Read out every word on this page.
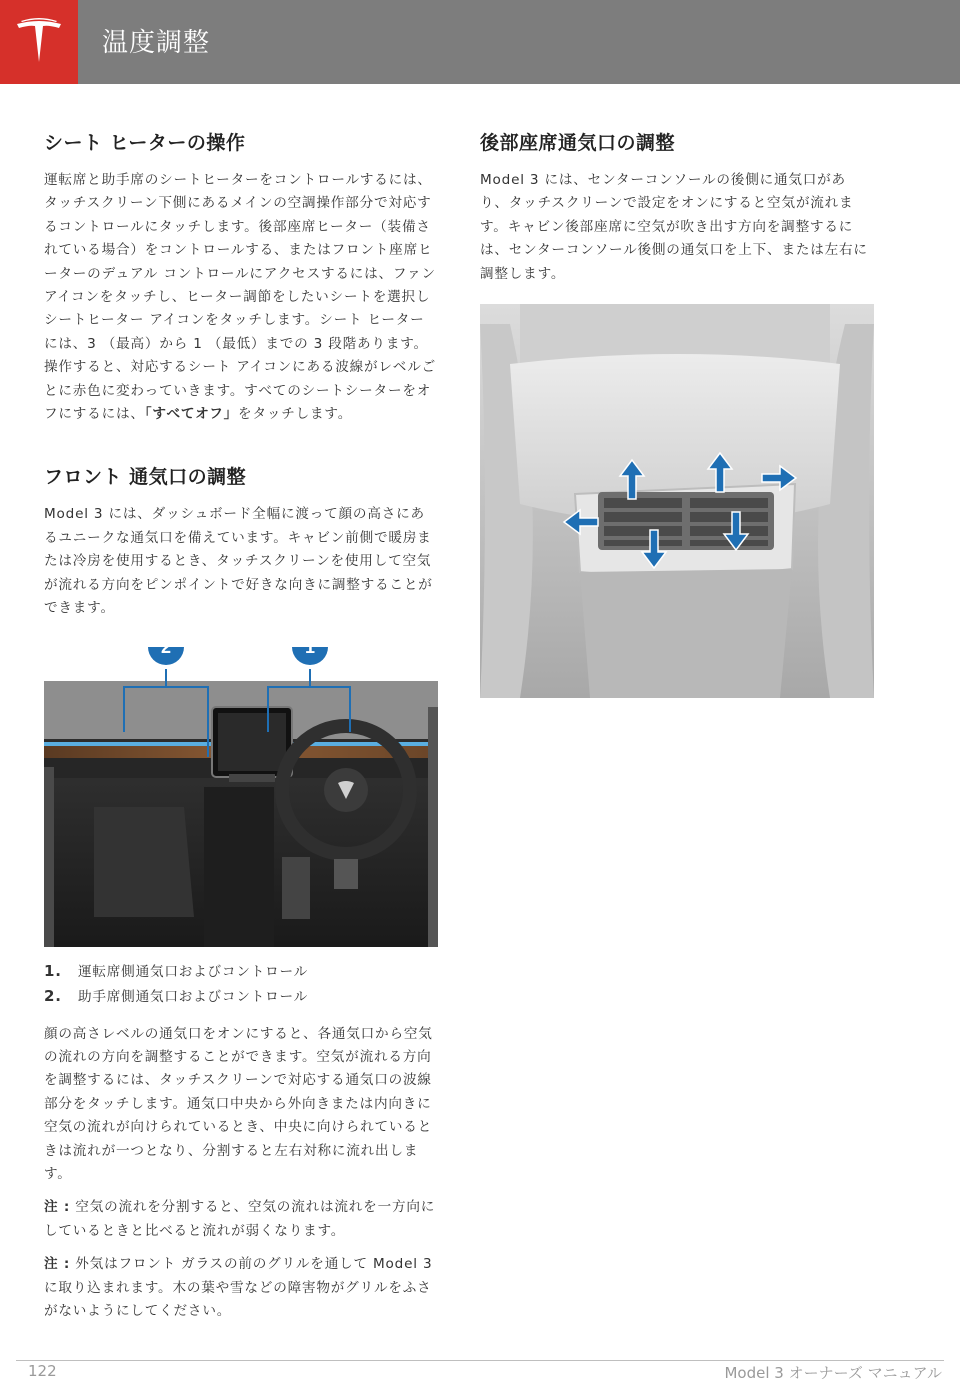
温度調整
シート ヒーターの操作

運転席と助手席のシートヒーターをコントロールするには、タッチスクリーン下側にあるメインの空調操作部分で対応するコントロールにタッチします。後部座席ヒーター（装備されている場合）をコントロールする、またはフロント座席ヒーターのデュアル コントロールにアクセスするには、ファンアイコンをタッチし、ヒーター調節をしたいシートを選択しシートヒーター アイコンをタッチします。シート ヒーターには、3 （最高）から 1 （最低）までの 3 段階あります。操作すると、対応するシート アイコンにある波線がレベルごとに赤色に変わっていきます。すべてのシートシーターをオフにするには、「すべてオフ」をタッチします。

フロント 通気口の調整

Model 3 には、ダッシュボード全幅に渡って顔の高さにあるユニークな通気口を備えています。キャビン前側で暖房または冷房を使用するとき、タッチスクリーンを使用して空気が流れる方向をピンポイントで好きな向きに調整することができます。

2	1
1. 運転席側通気口およびコントロール
2. 助手席側通気口およびコントロール

顔の高さレベルの通気口をオンにすると、各通気口から空気の流れの方向を調整することができます。空気が流れる方向を調整するには、タッチスクリーンで対応する通気口の波線部分をタッチします。通気口中央から外向きまたは内向きに空気の流れが向けられているとき、中央に向けられているときは流れが一つとなり、分割すると左右対称に流れ出します。

注 : 空気の流れを分割すると、空気の流れは流れを一方向にしているときと比べると流れが弱くなります。

注 : 外気はフロント ガラスの前のグリルを通して Model 3 に取り込まれます。木の葉や雪などの障害物がグリルをふさがないようにしてください。

後部座席通気口の調整

Model 3 には、センターコンソールの後側に通気口があり、タッチスクリーンで設定をオンにすると空気が流れます。キャビン後部座席に空気が吹き出す方向を調整するには、センターコンソール後側の通気口を上下、または左右に調整します。

122	Model 3 オーナーズ マニュアル
